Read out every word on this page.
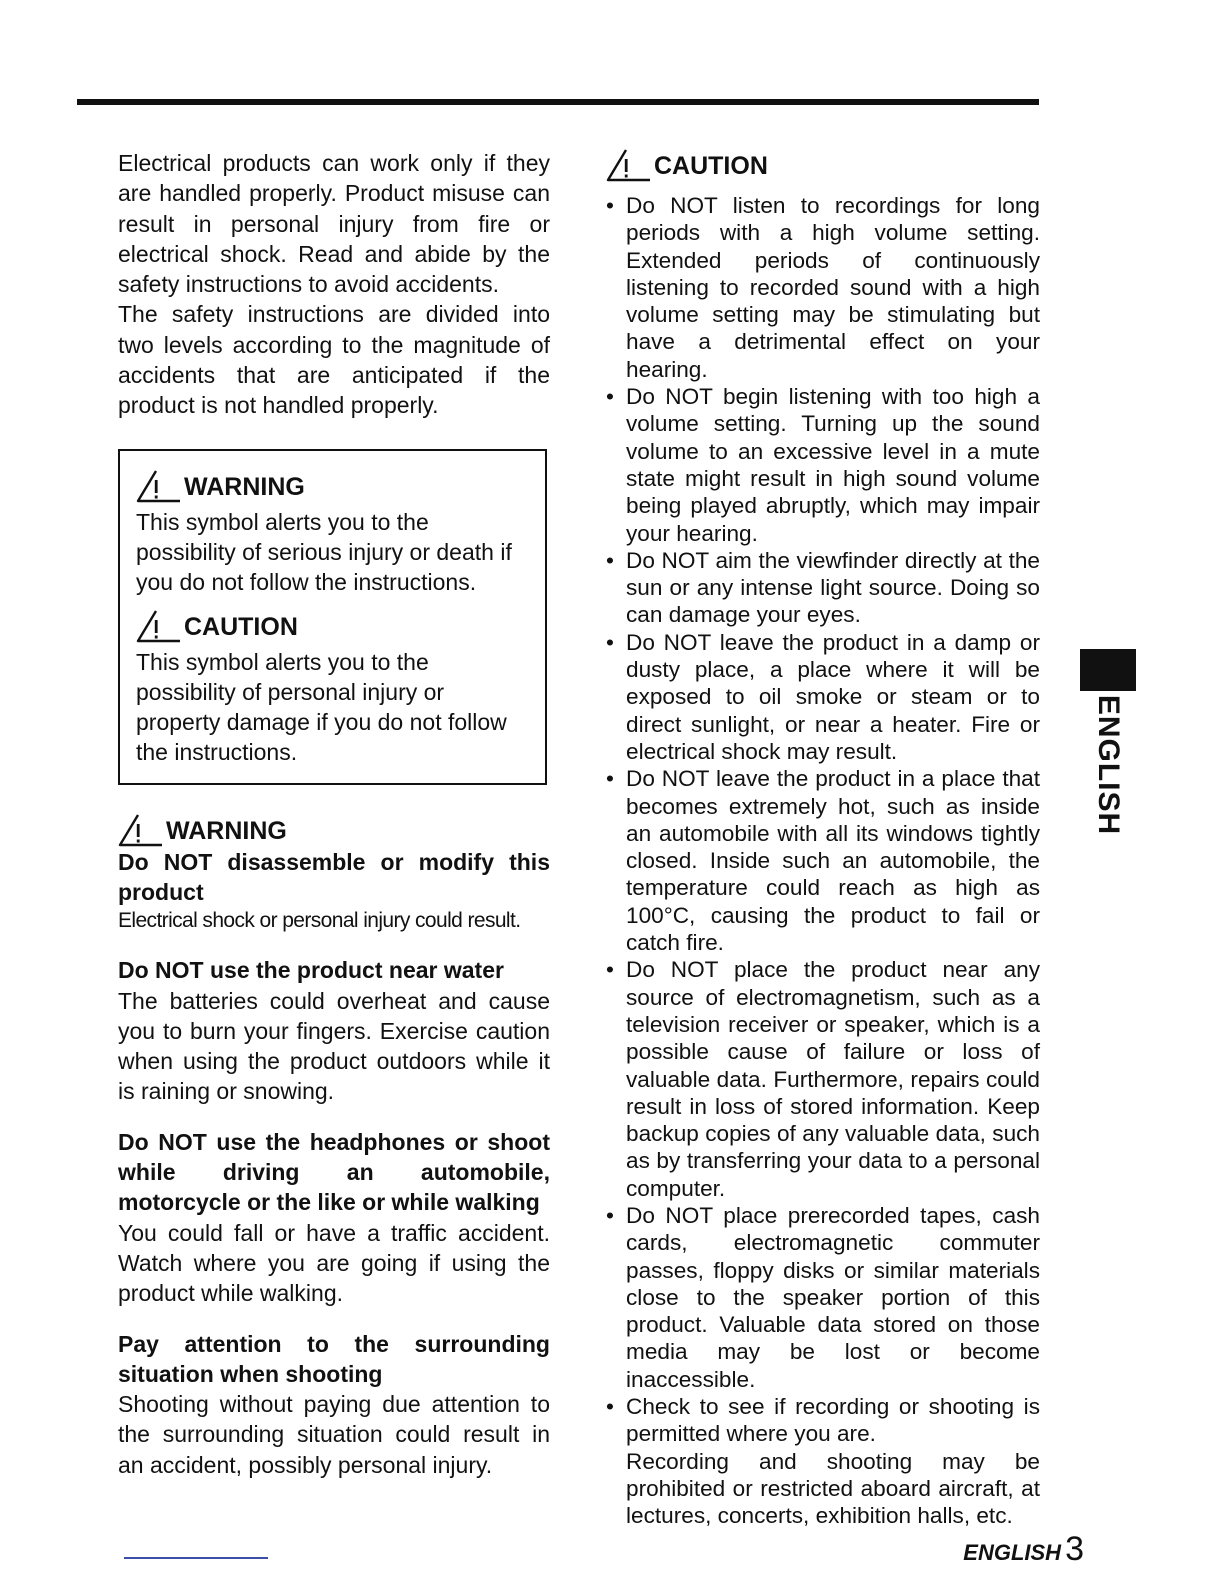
Electrical products can work only if they are handled properly. Product misuse can result in personal injury from fire or electrical shock. Read and abide by the safety instructions to avoid accidents.

The safety instructions are divided into two levels according to the magnitude of accidents that are anticipated if the product is not handled properly.

WARNING

This symbol alerts you to the possibility of serious injury or death if you do not follow the instructions.

CAUTION

This symbol alerts you to the possibility of personal injury or property damage if you do not follow the instructions.

WARNING

Do NOT disassemble or modify this product

Electrical shock or personal injury could result.

Do NOT use the product near water

The batteries could overheat and cause you to burn your fingers. Exercise caution when using the product outdoors while it is raining or snowing.

Do NOT use the headphones or shoot while driving an automobile, motorcycle or the like or while walking

You could fall or have a traffic accident. Watch where you are going if using the product while walking.

Pay attention to the surrounding situation when shooting

Shooting without paying due attention to the surrounding situation could result in an accident, possibly personal injury.

CAUTION
• Do NOT listen to recordings for long periods with a high volume setting. Extended periods of continuously listening to recorded sound with a high volume setting may be stimulating but have a detrimental effect on your hearing.
• Do NOT begin listening with too high a volume setting. Turning up the sound volume to an excessive level in a mute state might result in high sound volume being played abruptly, which may impair your hearing.
• Do NOT aim the viewfinder directly at the sun or any intense light source. Doing so can damage your eyes.
• Do NOT leave the product in a damp or dusty place, a place where it will be exposed to oil smoke or steam or to direct sunlight, or near a heater. Fire or electrical shock may result.
• Do NOT leave the product in a place that becomes extremely hot, such as inside an automobile with all its windows tightly closed. Inside such an automobile, the temperature could reach as high as 100°C, causing the product to fail or catch fire.
• Do NOT place the product near any source of electromagnetism, such as a television receiver or speaker, which is a possible cause of failure or loss of valuable data. Furthermore, repairs could result in loss of stored information. Keep backup copies of any valuable data, such as by transferring your data to a personal computer.
• Do NOT place prerecorded tapes, cash cards, electromagnetic commuter passes, floppy disks or similar materials close to the speaker portion of this product. Valuable data stored on those media may be lost or become inaccessible.
• Check to see if recording or shooting is permitted where you are.

Recording and shooting may be prohibited or restricted aboard aircraft, at lectures, concerts, exhibition halls, etc.

ENGLISH
ENGLISH 3
